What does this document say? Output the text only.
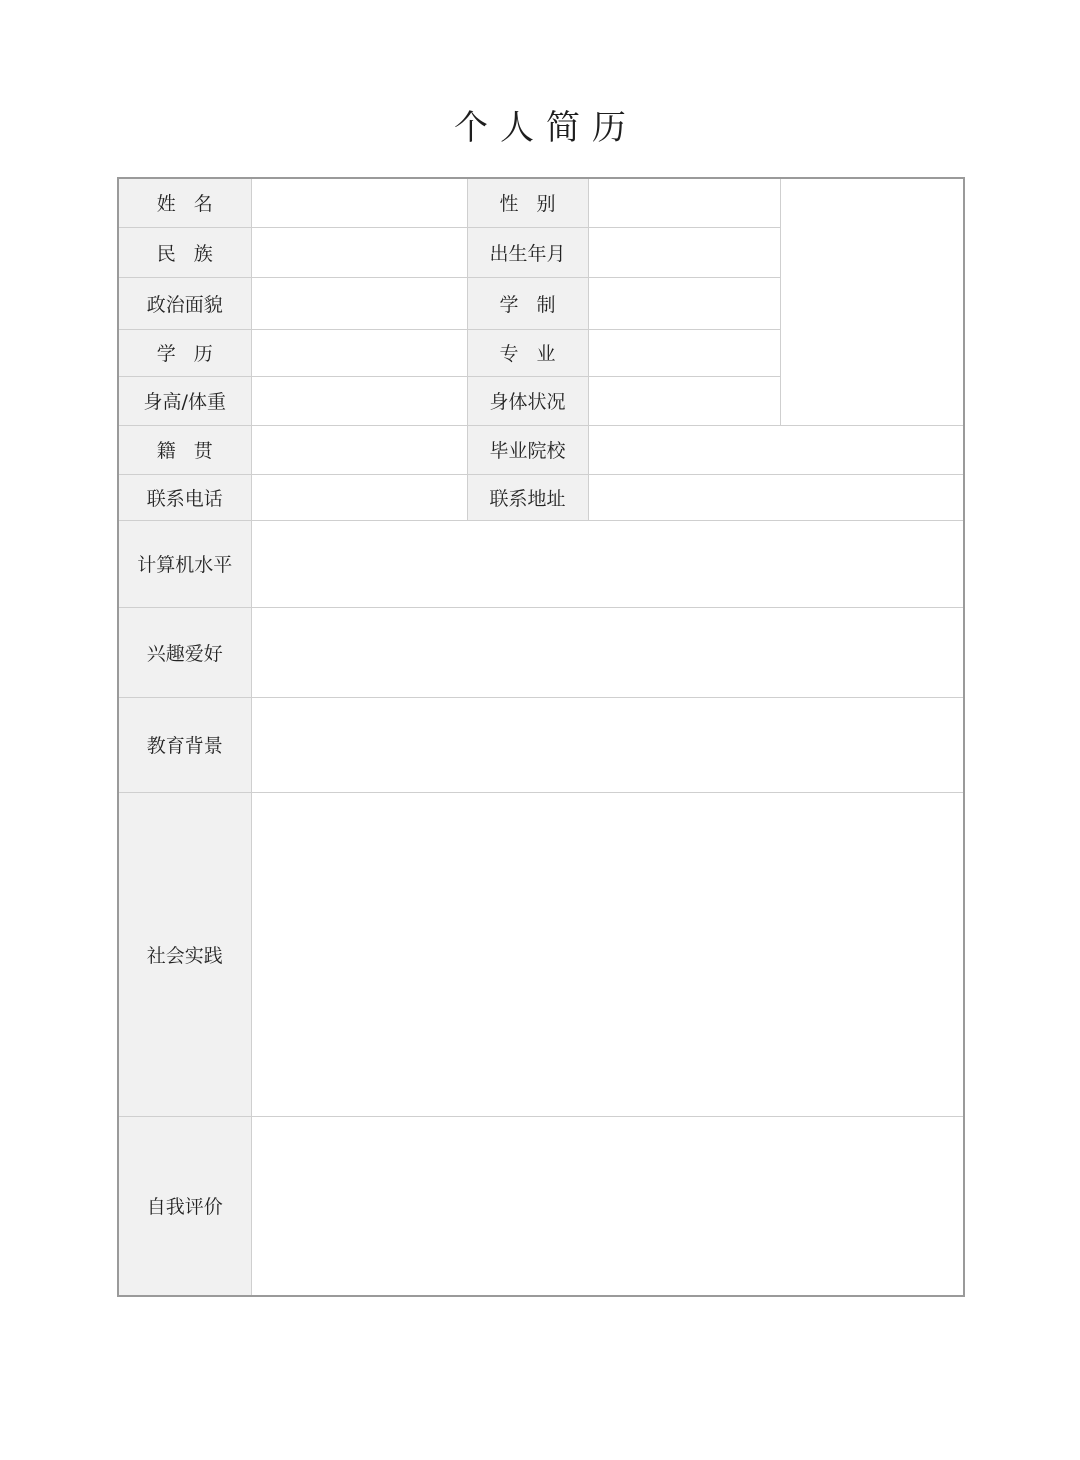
个人简历
姓名		性别		
民族		出生年月		
政治面貌		学制		
学历		专业		
身高/体重		身体状况		
籍贯		毕业院校		
联系电话		联系地址		
计算机水平				
兴趣爱好				
教育背景				
社会实践				
自我评价				
